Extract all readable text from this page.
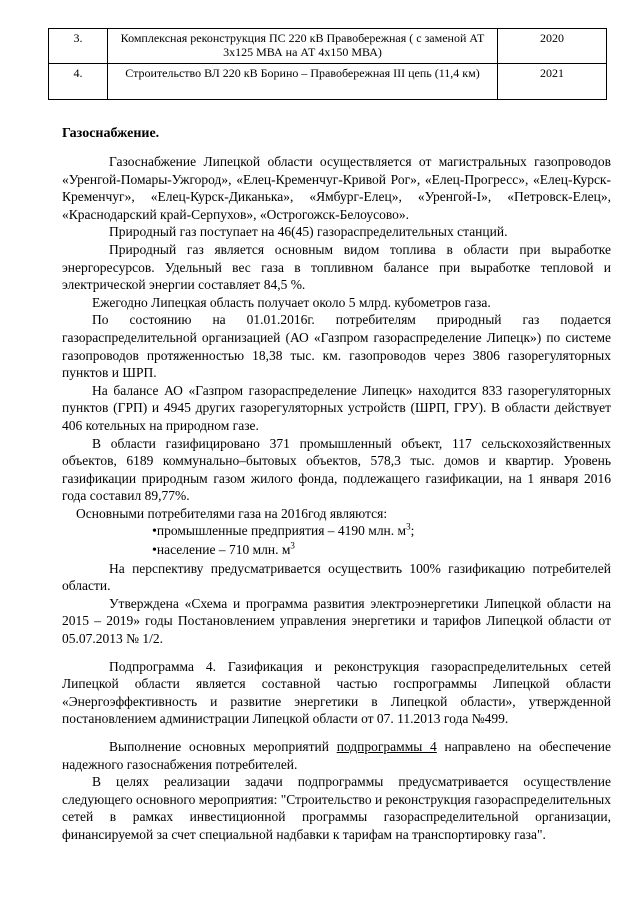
3.	Комплексная реконструкция ПС 220 кВ Правобережная ( с заменой АТ 3х125 МВА на АТ 4х150 МВА)	2020
4.	Строительство ВЛ 220 кВ Борино – Правобережная III цепь (11,4 км)	2021
Газоснабжение.

Газоснабжение Липецкой области осуществляется от магистральных газопроводов «Уренгой-Помары-Ужгород», «Елец-Кременчуг-Кривой Рог», «Елец-Прогресс», «Елец-Курск-Кременчуг», «Елец-Курск-Диканька», «Ямбург-Елец», «Уренгой-I», «Петровск-Елец», «Краснодарский край-Серпухов», «Острогожск-Белоусово».

Природный газ поступает на 46(45) газораспределительных станций.

Природный газ является основным видом топлива в области при выработке энергоресурсов. Удельный вес газа в топливном балансе при выработке тепловой и электрической энергии составляет 84,5 %.

Ежегодно Липецкая область получает около 5 млрд. кубометров газа.

По состоянию на 01.01.2016г. потребителям природный газ подается газораспределительной организацией (АО «Газпром газораспределение Липецк») по системе газопроводов протяженностью 18,38 тыс. км. газопроводов через 3806 газорегуляторных пунктов и ШРП.

На балансе АО «Газпром газораспределение Липецк» находится 833 газорегуляторных пунктов (ГРП) и 4945 других газорегуляторных устройств (ШРП, ГРУ). В области действует 406 котельных на природном газе.

В области газифицировано 371 промышленный объект, 117 сельскохозяйственных объектов, 6189 коммунально–бытовых объектов, 578,3 тыс. домов и квартир. Уровень газификации природным газом жилого фонда, подлежащего газификации, на 1 января 2016 года составил 89,77%.

Основными потребителями газа на 2016год являются:

•промышленные предприятия – 4190 млн. $м^3$;

•население – 710 млн. $м^3$

На перспективу предусматривается осуществить 100% газификацию потребителей области.

Утверждена «Схема и программа развития электроэнергетики Липецкой области на 2015 – 2019» годы Постановлением управления энергетики и тарифов Липецкой области от 05.07.2013 № 1/2.

Подпрограмма 4. Газификация и реконструкция газораспределительных сетей Липецкой области является составной частью госпрограммы Липецкой области «Энергоэффективность и развитие энергетики в Липецкой области», утвержденной постановлением администрации Липецкой области от 07. 11.2013 года №499.

Выполнение основных мероприятий подпрограммы 4 направлено на обеспечение надежного газоснабжения потребителей.

В целях реализации задачи подпрограммы предусматривается осуществление следующего основного мероприятия: "Строительство и реконструкция газораспределительных сетей в рамках инвестиционной программы газораспределительной организации, финансируемой за счет специальной надбавки к тарифам на транспортировку газа".
